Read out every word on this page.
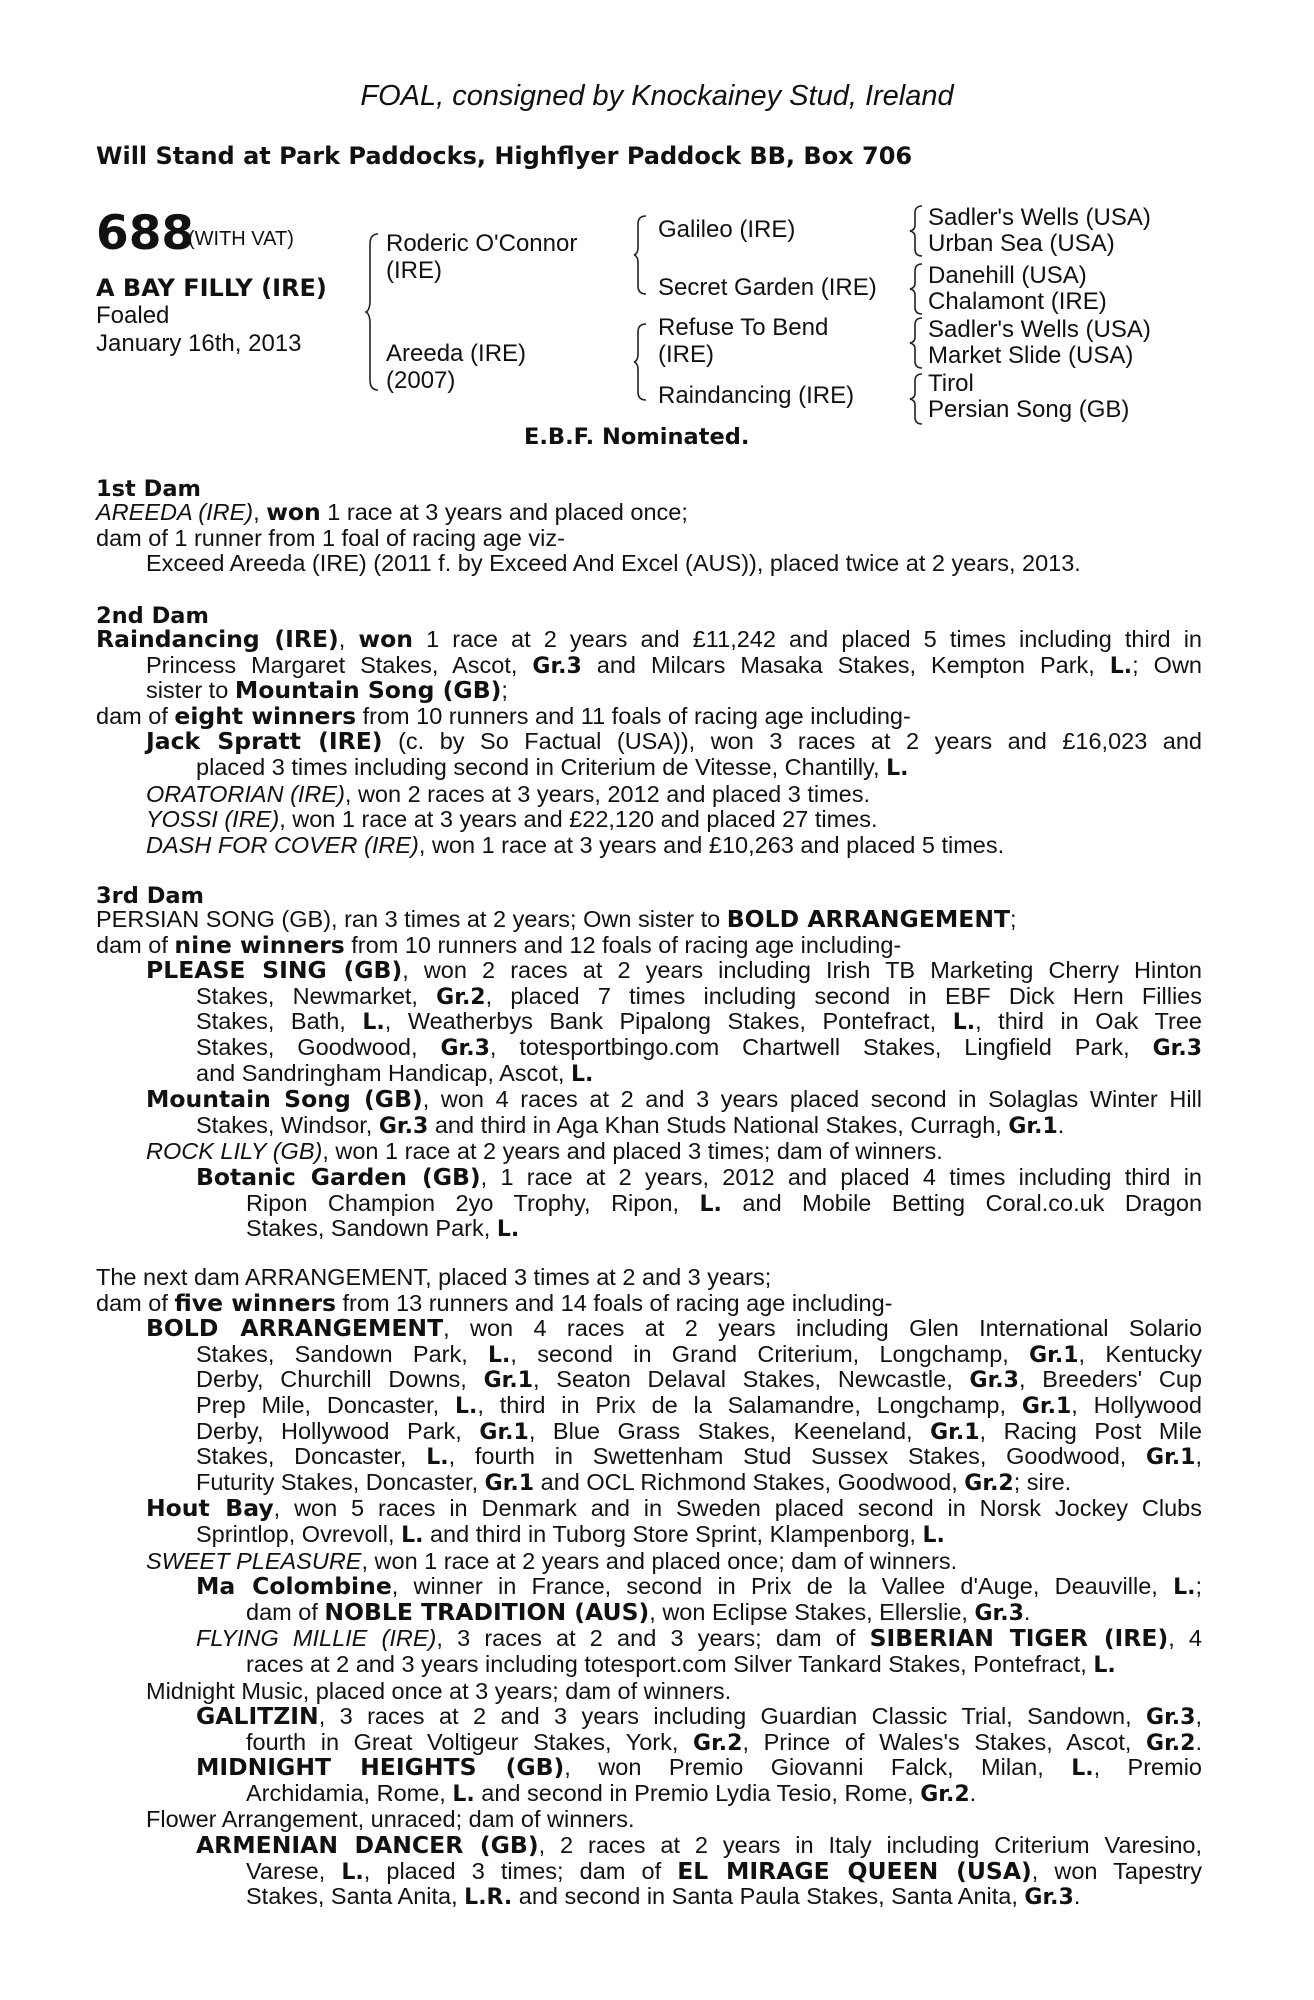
FOAL, consigned by Knockainey Stud, Ireland
Will Stand at Park Paddocks, Highflyer Paddock BB, Box 706
688
(WITH VAT)
A BAY FILLY (IRE)
Foaled
January 16th, 2013
Roderic O'Connor
(IRE)
Areeda (IRE)
(2007)
Galileo (IRE)
Secret Garden (IRE)
Refuse To Bend
(IRE)
Raindancing (IRE)
Sadler's Wells (USA)
Urban Sea (USA)
Danehill (USA)
Chalamont (IRE)
Sadler's Wells (USA)
Market Slide (USA)
Tirol
Persian Song (GB)
E.B.F. Nominated.
1st Dam
AREEDA (IRE), won 1 race at 3 years and placed once;
dam of 1 runner from 1 foal of racing age viz-
Exceed Areeda (IRE) (2011 f. by Exceed And Excel (AUS)), placed twice at 2 years, 2013.
2nd Dam
Raindancing (IRE), won 1 race at 2 years and £11,242 and placed 5 times including third in
Princess Margaret Stakes, Ascot, Gr.3 and Milcars Masaka Stakes, Kempton Park, L.; Own
sister to Mountain Song (GB);
dam of eight winners from 10 runners and 11 foals of racing age including-
Jack Spratt (IRE) (c. by So Factual (USA)), won 3 races at 2 years and £16,023 and
placed 3 times including second in Criterium de Vitesse, Chantilly, L.
ORATORIAN (IRE), won 2 races at 3 years, 2012 and placed 3 times.
YOSSI (IRE), won 1 race at 3 years and £22,120 and placed 27 times.
DASH FOR COVER (IRE), won 1 race at 3 years and £10,263 and placed 5 times.
3rd Dam
PERSIAN SONG (GB), ran 3 times at 2 years; Own sister to BOLD ARRANGEMENT;
dam of nine winners from 10 runners and 12 foals of racing age including-
PLEASE SING (GB), won 2 races at 2 years including Irish TB Marketing Cherry Hinton
Stakes, Newmarket, Gr.2, placed 7 times including second in EBF Dick Hern Fillies
Stakes, Bath, L., Weatherbys Bank Pipalong Stakes, Pontefract, L., third in Oak Tree
Stakes, Goodwood, Gr.3, totesportbingo.com Chartwell Stakes, Lingfield Park, Gr.3
and Sandringham Handicap, Ascot, L.
Mountain Song (GB), won 4 races at 2 and 3 years placed second in Solaglas Winter Hill
Stakes, Windsor, Gr.3 and third in Aga Khan Studs National Stakes, Curragh, Gr.1.
ROCK LILY (GB), won 1 race at 2 years and placed 3 times; dam of winners.
Botanic Garden (GB), 1 race at 2 years, 2012 and placed 4 times including third in
Ripon Champion 2yo Trophy, Ripon, L. and Mobile Betting Coral.co.uk Dragon
Stakes, Sandown Park, L.
The next dam ARRANGEMENT, placed 3 times at 2 and 3 years;
dam of five winners from 13 runners and 14 foals of racing age including-
BOLD ARRANGEMENT, won 4 races at 2 years including Glen International Solario
Stakes, Sandown Park, L., second in Grand Criterium, Longchamp, Gr.1, Kentucky
Derby, Churchill Downs, Gr.1, Seaton Delaval Stakes, Newcastle, Gr.3, Breeders' Cup
Prep Mile, Doncaster, L., third in Prix de la Salamandre, Longchamp, Gr.1, Hollywood
Derby, Hollywood Park, Gr.1, Blue Grass Stakes, Keeneland, Gr.1, Racing Post Mile
Stakes, Doncaster, L., fourth in Swettenham Stud Sussex Stakes, Goodwood, Gr.1,
Futurity Stakes, Doncaster, Gr.1 and OCL Richmond Stakes, Goodwood, Gr.2; sire.
Hout Bay, won 5 races in Denmark and in Sweden placed second in Norsk Jockey Clubs
Sprintlop, Ovrevoll, L. and third in Tuborg Store Sprint, Klampenborg, L.
SWEET PLEASURE, won 1 race at 2 years and placed once; dam of winners.
Ma Colombine, winner in France, second in Prix de la Vallee d'Auge, Deauville, L.;
dam of NOBLE TRADITION (AUS), won Eclipse Stakes, Ellerslie, Gr.3.
FLYING MILLIE (IRE), 3 races at 2 and 3 years; dam of SIBERIAN TIGER (IRE), 4
races at 2 and 3 years including totesport.com Silver Tankard Stakes, Pontefract, L.
Midnight Music, placed once at 3 years; dam of winners.
GALITZIN, 3 races at 2 and 3 years including Guardian Classic Trial, Sandown, Gr.3,
fourth in Great Voltigeur Stakes, York, Gr.2, Prince of Wales's Stakes, Ascot, Gr.2.
MIDNIGHT HEIGHTS (GB), won Premio Giovanni Falck, Milan, L., Premio
Archidamia, Rome, L. and second in Premio Lydia Tesio, Rome, Gr.2.
Flower Arrangement, unraced; dam of winners.
ARMENIAN DANCER (GB), 2 races at 2 years in Italy including Criterium Varesino,
Varese, L., placed 3 times; dam of EL MIRAGE QUEEN (USA), won Tapestry
Stakes, Santa Anita, L.R. and second in Santa Paula Stakes, Santa Anita, Gr.3.
